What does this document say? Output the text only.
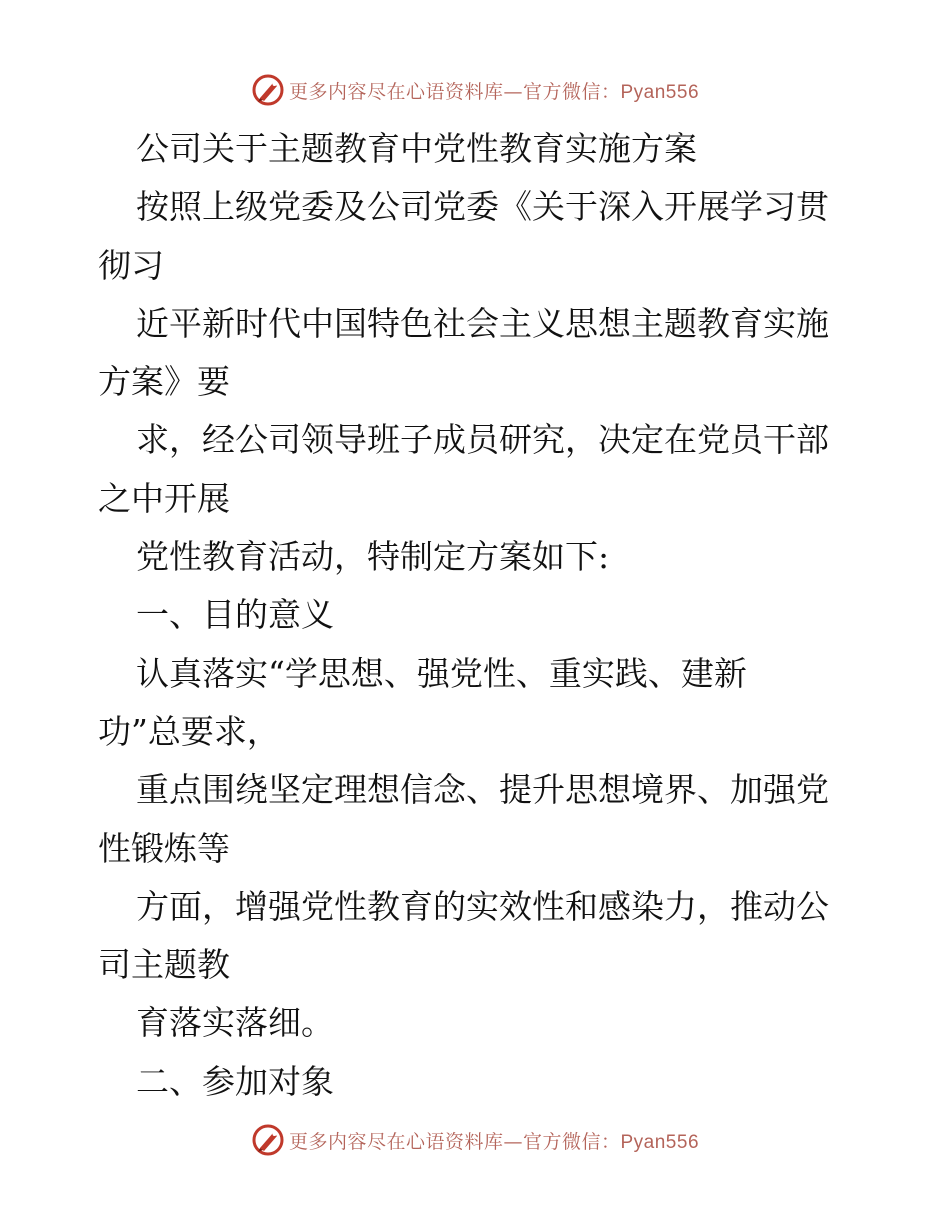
更多内容尽在心语资料库—官方微信：Pyan556
公司关于主题教育中党性教育实施方案
按照上级党委及公司党委《关于深入开展学习贯
彻习
近平新时代中国特色社会主义思想主题教育实施
方案》要
求，经公司领导班子成员研究，决定在党员干部
之中开展
党性教育活动，特制定方案如下:
一、目的意义
认真落实“学思想、强党性、重实践、建新
功”总要求，
重点围绕坚定理想信念、提升思想境界、加强党
性锻炼等
方面，增强党性教育的实效性和感染力，推动公
司主题教
育落实落细。
二、参加对象
更多内容尽在心语资料库—官方微信：Pyan556
